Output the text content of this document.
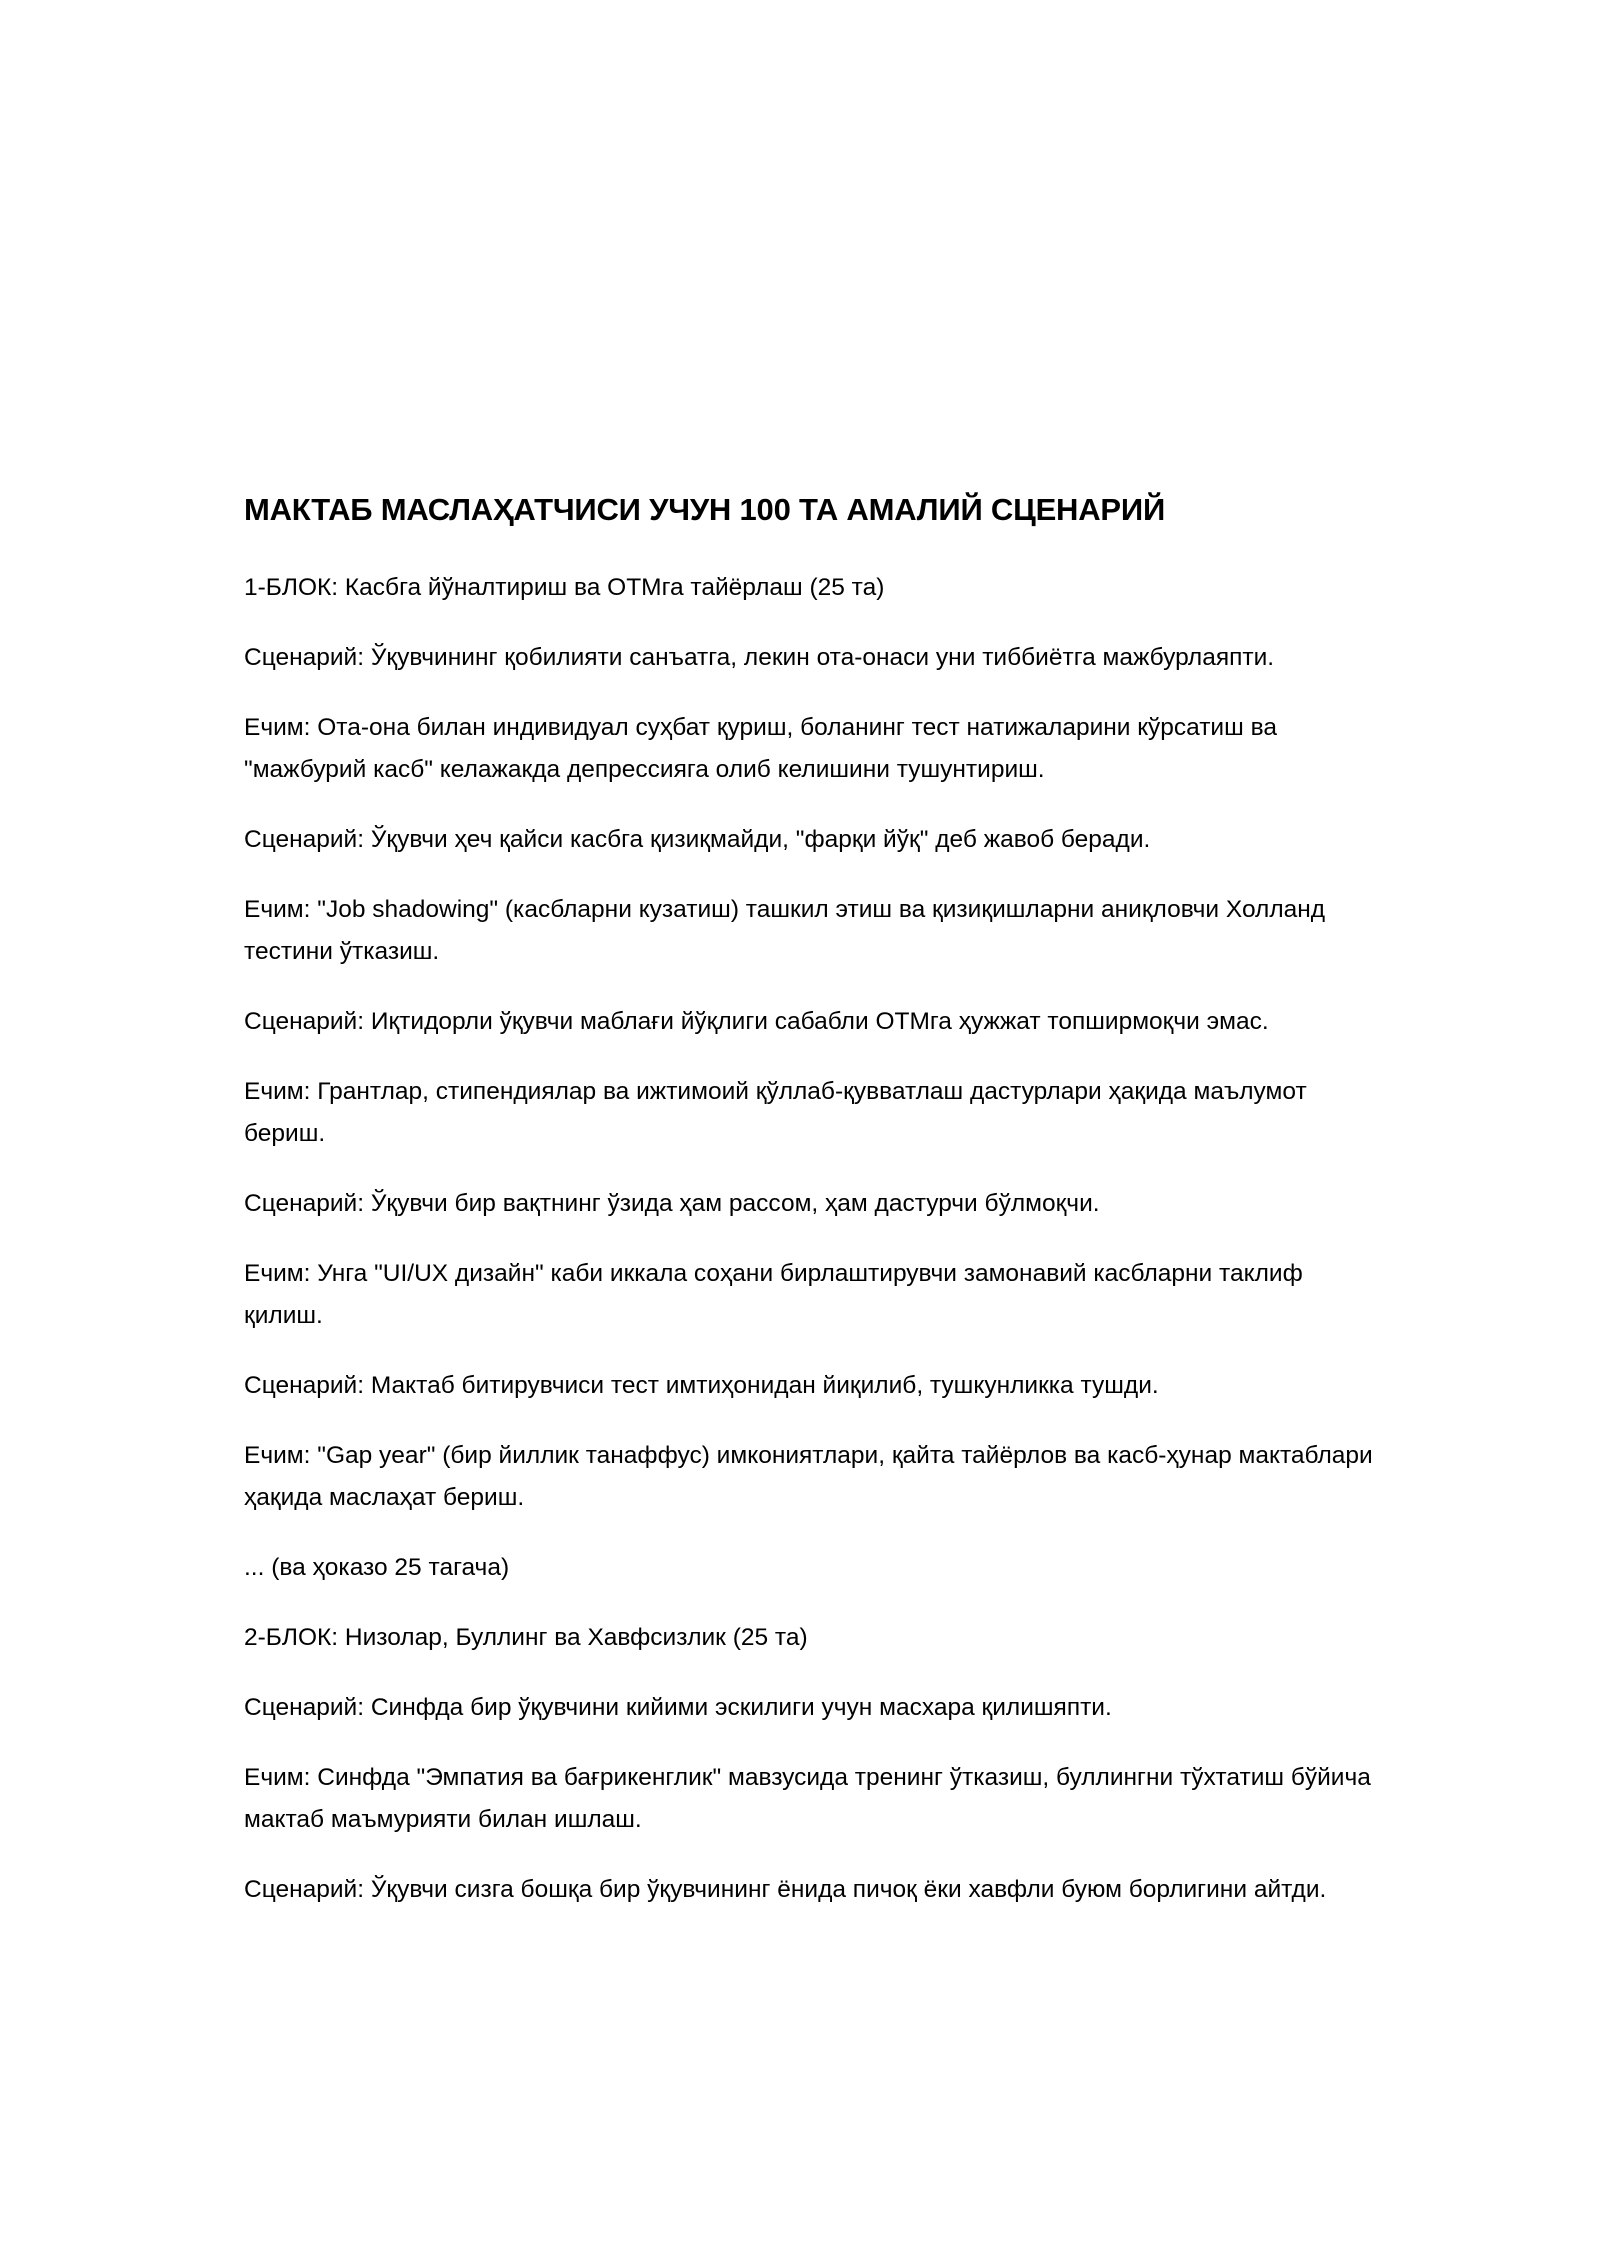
МАКТАБ МАСЛАҲАТЧИСИ УЧУН 100 ТА АМАЛИЙ СЦЕНАРИЙ

1-БЛОК: Касбга йўналтириш ва ОТМга тайёрлаш (25 та)

Сценарий: Ўқувчининг қобилияти санъатга, лекин ота-онаси уни тиббиётга мажбурлаяпти.

Ечим: Ота-она билан индивидуал суҳбат қуриш, боланинг тест натижаларини кўрсатиш ва "мажбурий касб" келажакда депрессияга олиб келишини тушунтириш.

Сценарий: Ўқувчи ҳеч қайси касбга қизиқмайди, "фарқи йўқ" деб жавоб беради.

Ечим: "Job shadowing" (касбларни кузатиш) ташкил этиш ва қизиқишларни аниқловчи Холланд тестини ўтказиш.

Сценарий: Иқтидорли ўқувчи маблағи йўқлиги сабабли ОТМга ҳужжат топширмоқчи эмас.

Ечим: Грантлар, стипендиялар ва ижтимоий қўллаб-қувватлаш дастурлари ҳақида маълумот бериш.

Сценарий: Ўқувчи бир вақтнинг ўзида ҳам рассом, ҳам дастурчи бўлмоқчи.

Ечим: Унга "UI/UX дизайн" каби иккала соҳани бирлаштирувчи замонавий касбларни таклиф қилиш.

Сценарий: Мактаб битирувчиси тест имтиҳонидан йиқилиб, тушкунликка тушди.

Ечим: "Gap year" (бир йиллик танаффус) имкониятлари, қайта тайёрлов ва касб-ҳунар мактаблари ҳақида маслаҳат бериш.

... (ва ҳоказо 25 тагача)

2-БЛОК: Низолар, Буллинг ва Хавфсизлик (25 та)

Сценарий: Синфда бир ўқувчини кийими эскилиги учун масхара қилишяпти.

Ечим: Синфда "Эмпатия ва бағрикенглик" мавзусида тренинг ўтказиш, буллингни тўхтатиш бўйича мактаб маъмурияти билан ишлаш.

Сценарий: Ўқувчи сизга бошқа бир ўқувчининг ёнида пичоқ ёки хавфли буюм борлигини айтди.
